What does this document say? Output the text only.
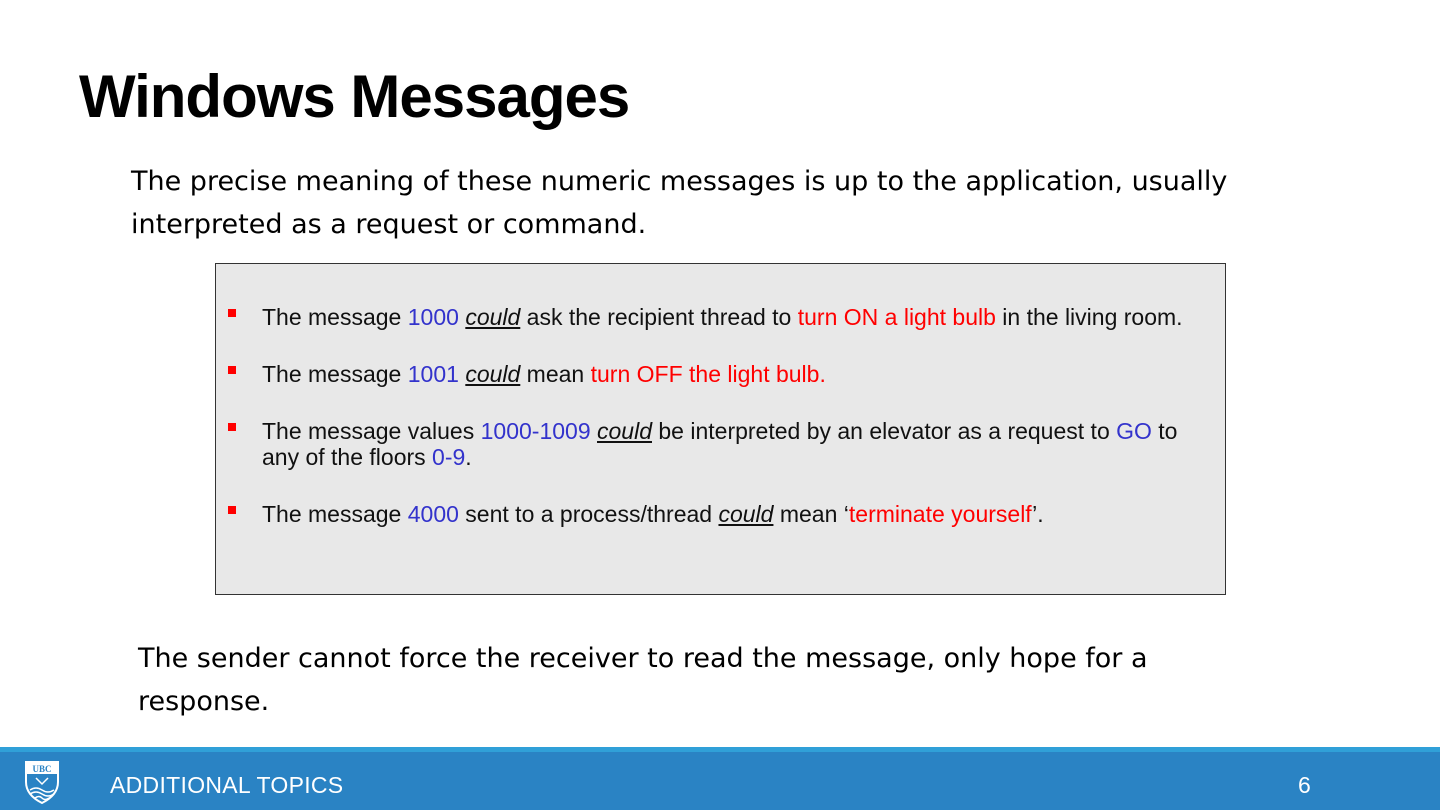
Windows Messages
The precise meaning of these numeric messages is up to the application, usually interpreted as a request or command.
The message 1000 could ask the recipient thread to turn ON a light bulb in the living room.
The message 1001 could mean turn OFF the light bulb.
The message values 1000-1009 could be interpreted by an elevator as a request to GO to any of the floors 0-9.
The message 4000 sent to a process/thread could mean ‘terminate yourself’.
The sender cannot force the receiver to read the message, only hope for a response.
UBC
ADDITIONAL TOPICS	6
